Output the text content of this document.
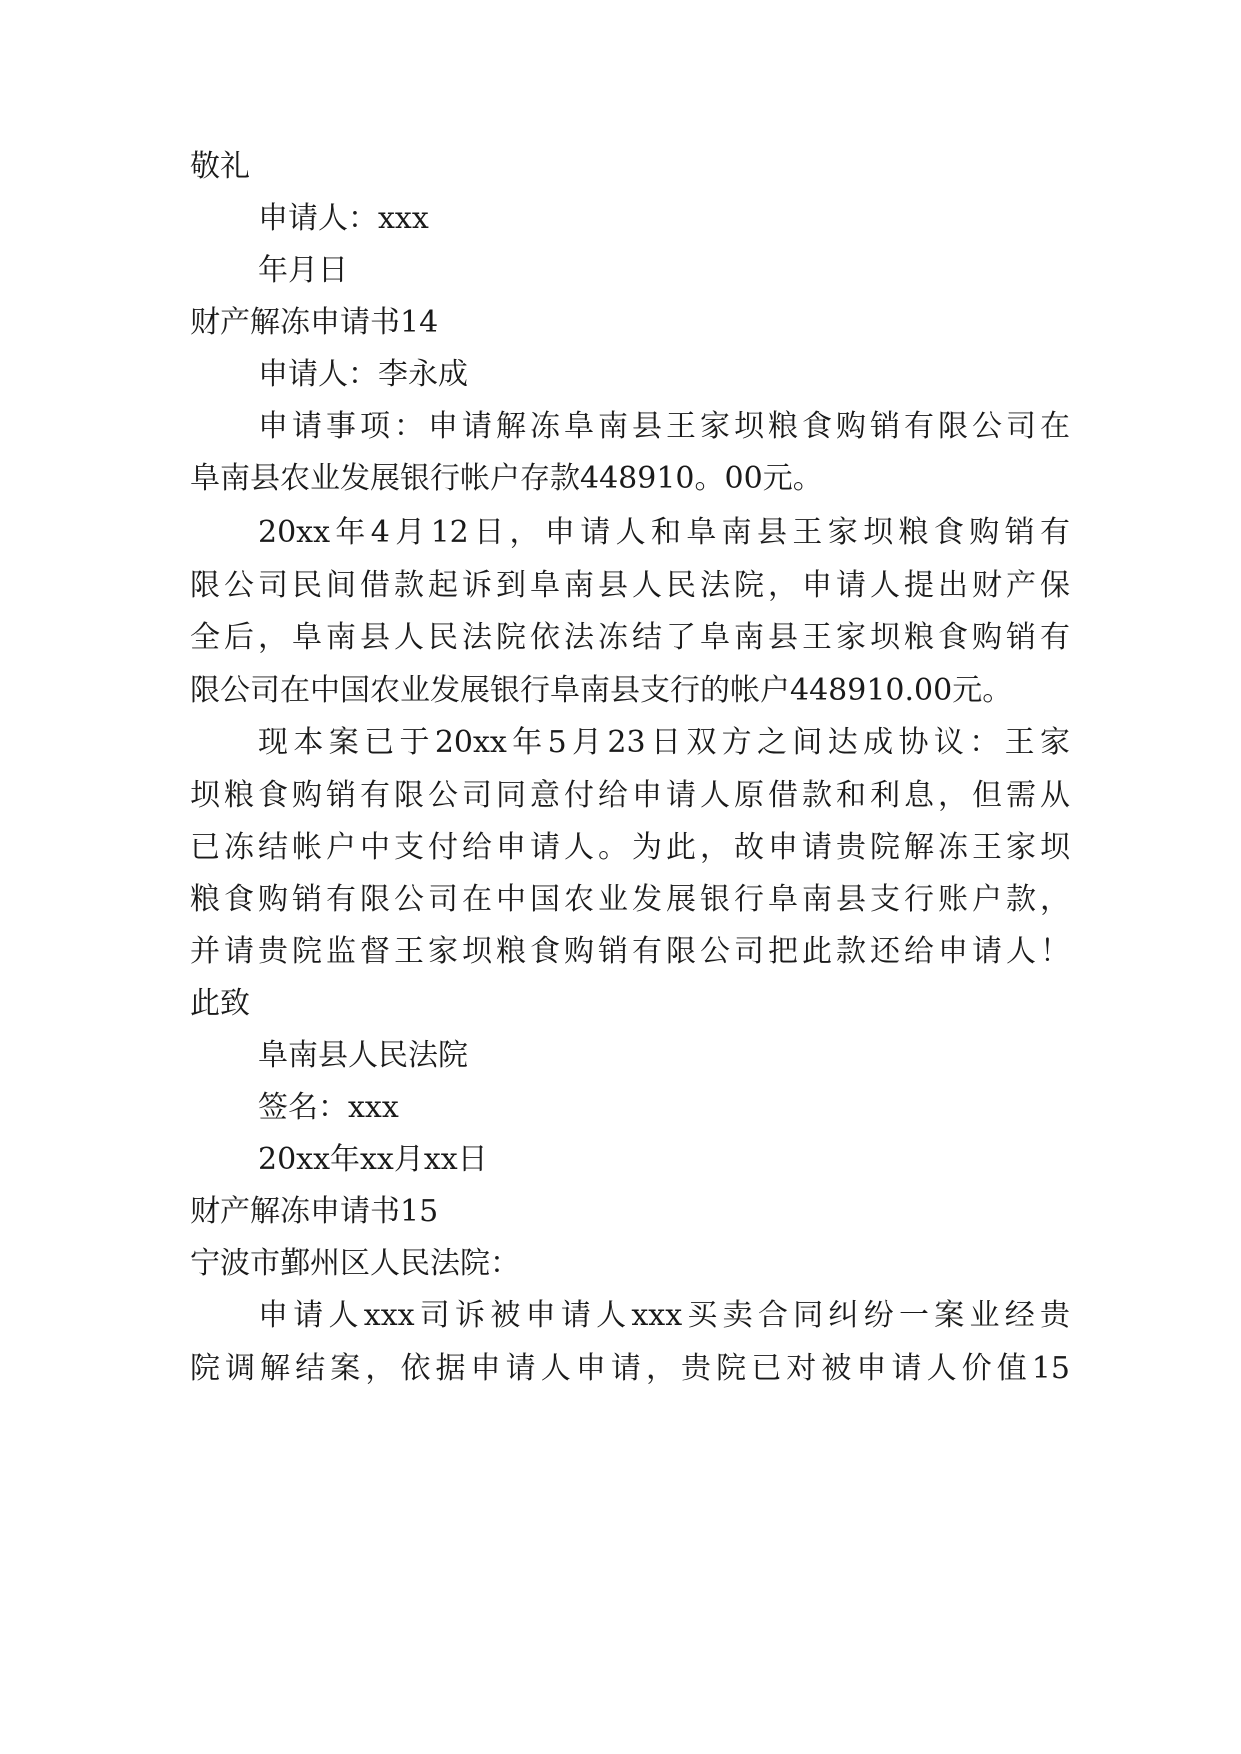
敬礼
申请人：xxx
年月日
财产解冻申请书14
申请人：李永成
申请事项：申请解冻阜南县王家坝粮食购销有限公司在
阜南县农业发展银行帐户存款448910。00元。
20xx年4月12日，申请人和阜南县王家坝粮食购销有
限公司民间借款起诉到阜南县人民法院，申请人提出财产保
全后，阜南县人民法院依法冻结了阜南县王家坝粮食购销有
限公司在中国农业发展银行阜南县支行的帐户448910.00元。
现本案已于20xx年5月23日双方之间达成协议：王家
坝粮食购销有限公司同意付给申请人原借款和利息，但需从
已冻结帐户中支付给申请人。为此，故申请贵院解冻王家坝
粮食购销有限公司在中国农业发展银行阜南县支行账户款，
并请贵院监督王家坝粮食购销有限公司把此款还给申请人！
此致
阜南县人民法院
签名：xxx
20xx年xx月xx日
财产解冻申请书15
宁波市鄞州区人民法院：
申请人xxx司诉被申请人xxx买卖合同纠纷一案业经贵
院调解结案，依据申请人申请，贵院已对被申请人价值15
